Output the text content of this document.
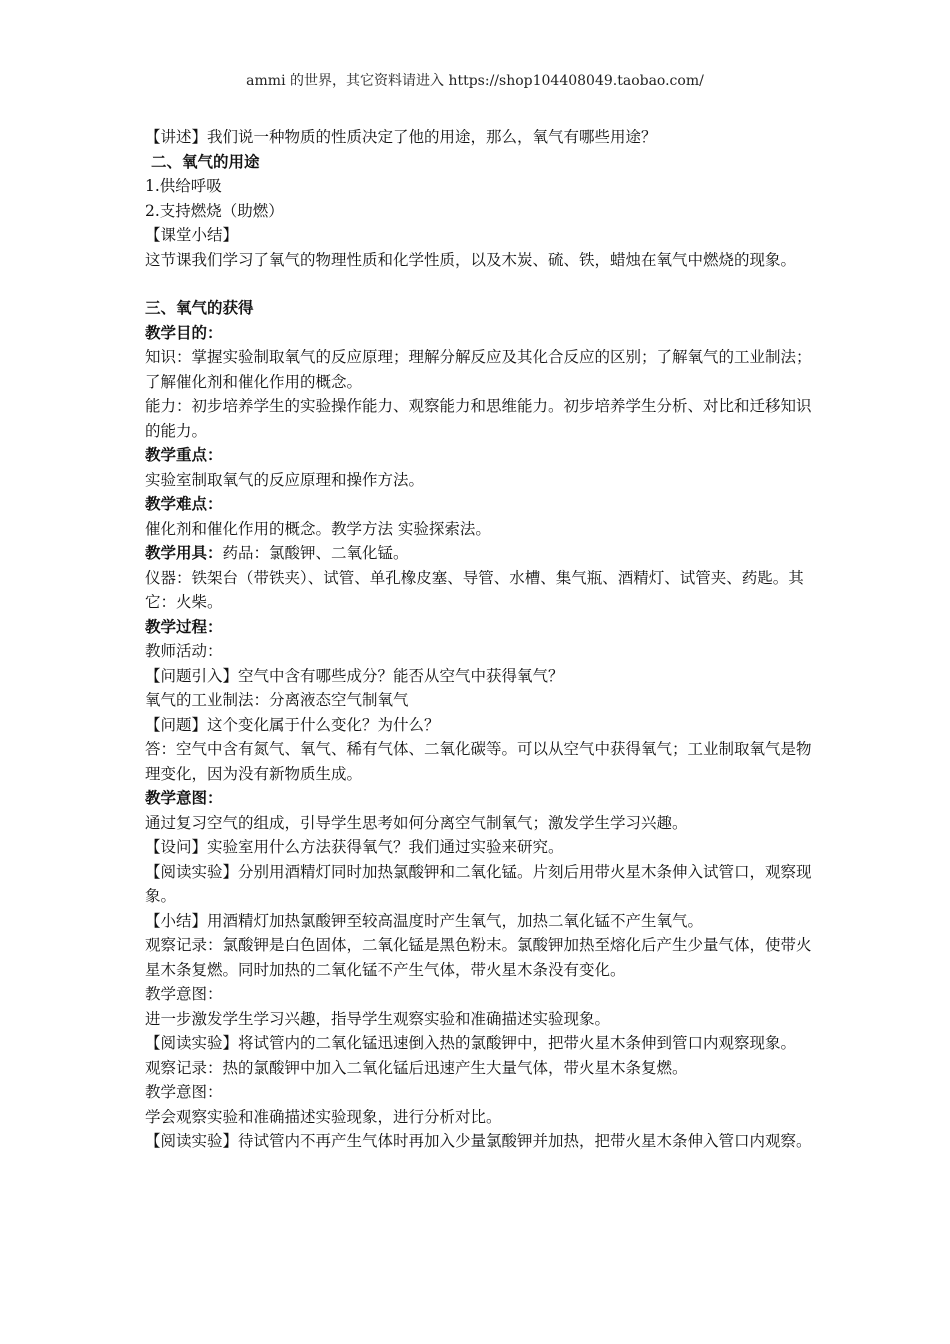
ammi 的世界，其它资料请进入 https://shop104408049.taobao.com/

【讲述】我们说一种物质的性质决定了他的用途，那么，氧气有哪些用途？

二、氧气的用途

1.供给呼吸

2.支持燃烧（助燃）

【课堂小结】

这节课我们学习了氧气的物理性质和化学性质，以及木炭、硫、铁，蜡烛在氧气中燃烧的现象。

三、氧气的获得

教学目的：

知识：掌握实验制取氧气的反应原理；理解分解反应及其化合反应的区别；了解氧气的工业制法；了解催化剂和催化作用的概念。

能力：初步培养学生的实验操作能力、观察能力和思维能力。初步培养学生分析、对比和迁移知识的能力。

教学重点：

实验室制取氧气的反应原理和操作方法。

教学难点：

催化剂和催化作用的概念。教学方法 实验探索法。

教学用具：药品：氯酸钾、二氧化锰。

仪器：铁架台（带铁夹）、试管、单孔橡皮塞、导管、水槽、集气瓶、酒精灯、试管夹、药匙。其它：火柴。

教学过程：

教师活动：

【问题引入】空气中含有哪些成分？能否从空气中获得氧气？

氧气的工业制法：分离液态空气制氧气

【问题】这个变化属于什么变化？为什么？

答：空气中含有氮气、氧气、稀有气体、二氧化碳等。可以从空气中获得氧气；工业制取氧气是物理变化，因为没有新物质生成。

教学意图：

通过复习空气的组成，引导学生思考如何分离空气制氧气；激发学生学习兴趣。

【设问】实验室用什么方法获得氧气？我们通过实验来研究。

【阅读实验】分别用酒精灯同时加热氯酸钾和二氧化锰。片刻后用带火星木条伸入试管口，观察现象。

【小结】用酒精灯加热氯酸钾至较高温度时产生氧气，加热二氧化锰不产生氧气。

观察记录：氯酸钾是白色固体，二氧化锰是黑色粉末。氯酸钾加热至熔化后产生少量气体，使带火星木条复燃。同时加热的二氧化锰不产生气体，带火星木条没有变化。

教学意图：

进一步激发学生学习兴趣，指导学生观察实验和准确描述实验现象。

【阅读实验】将试管内的二氧化锰迅速倒入热的氯酸钾中，把带火星木条伸到管口内观察现象。

观察记录：热的氯酸钾中加入二氧化锰后迅速产生大量气体，带火星木条复燃。

教学意图：

学会观察实验和准确描述实验现象，进行分析对比。

【阅读实验】待试管内不再产生气体时再加入少量氯酸钾并加热，把带火星木条伸入管口内观察。
